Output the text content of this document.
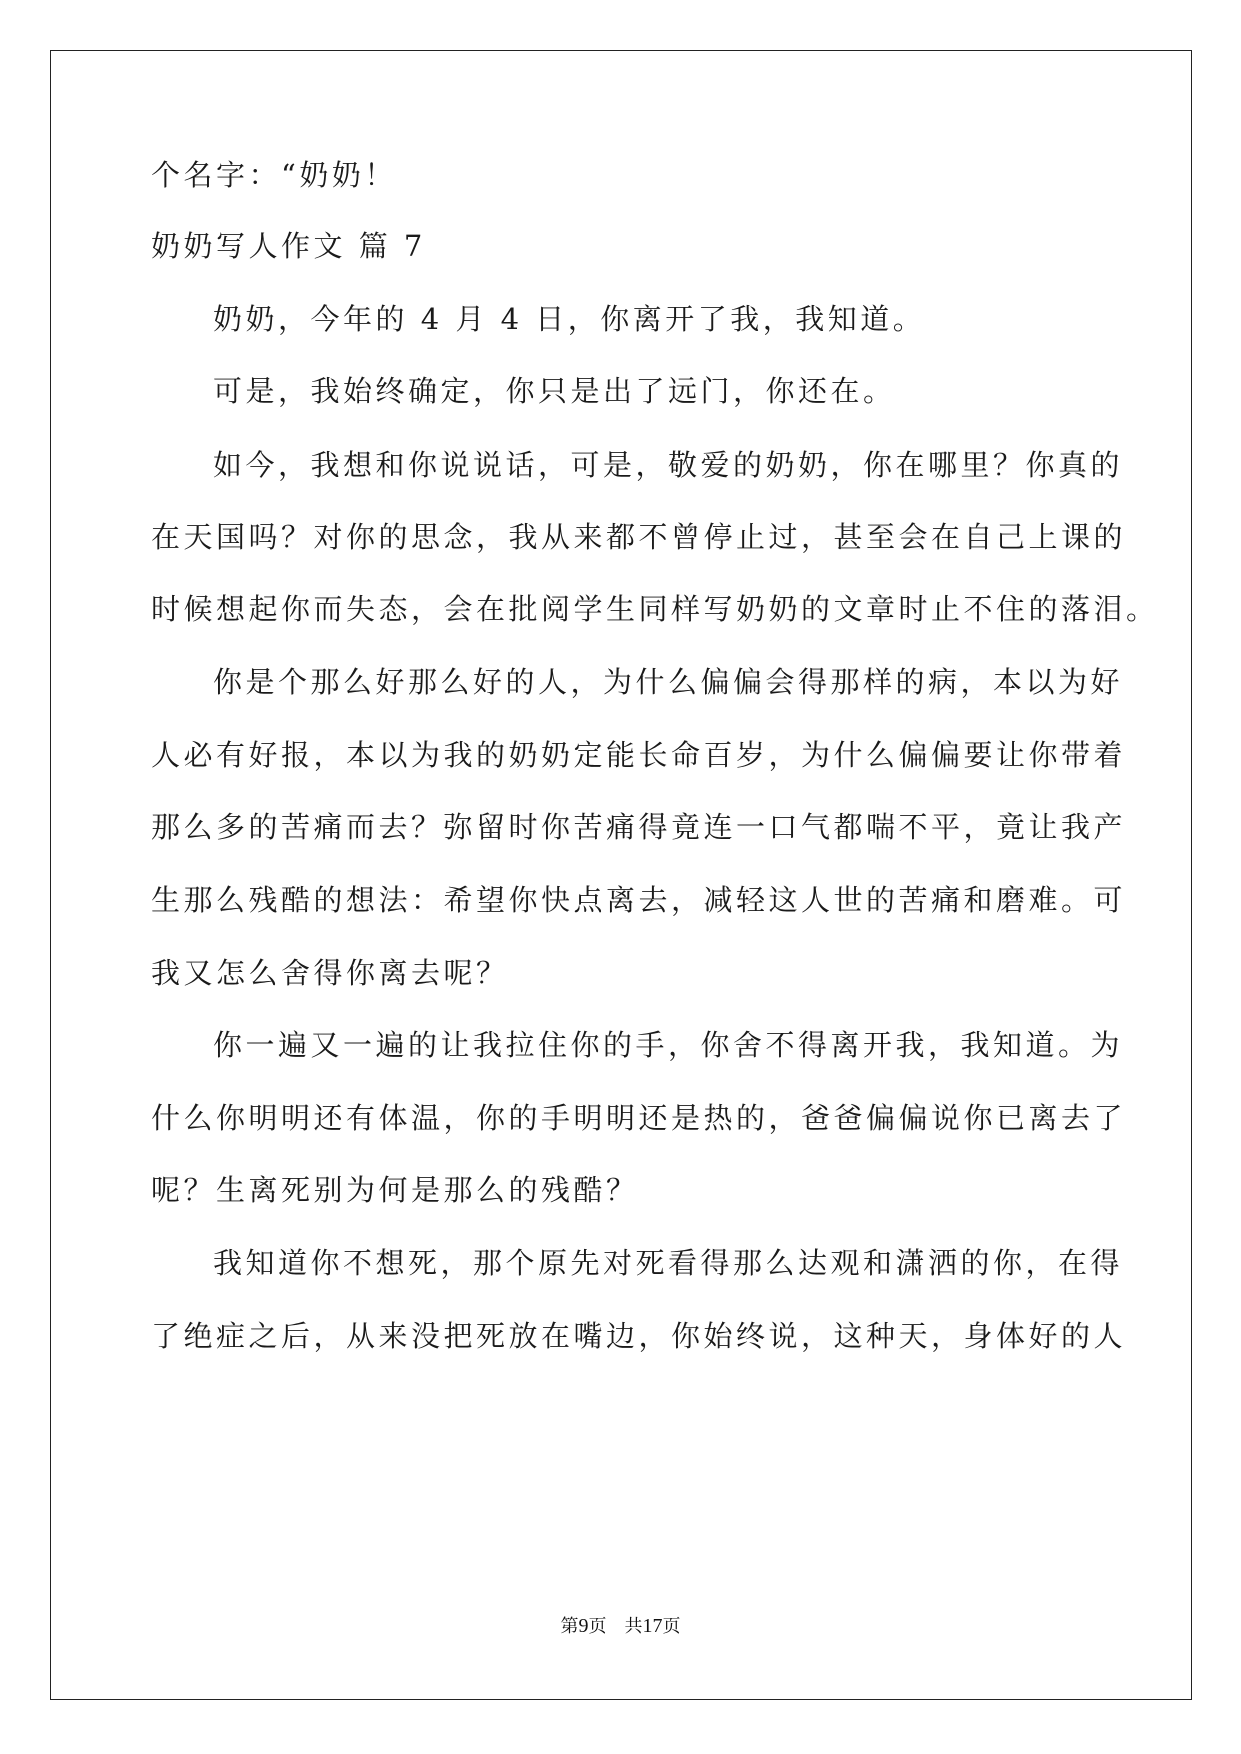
个名字：“奶奶！
奶奶写人作文 篇 7
奶奶，今年的 4 月 4 日，你离开了我，我知道。
可是，我始终确定，你只是出了远门，你还在。
如今，我想和你说说话，可是，敬爱的奶奶，你在哪里？你真的
在天国吗？对你的思念，我从来都不曾停止过，甚至会在自己上课的
时候想起你而失态，会在批阅学生同样写奶奶的文章时止不住的落泪。
你是个那么好那么好的人，为什么偏偏会得那样的病，本以为好
人必有好报，本以为我的奶奶定能长命百岁，为什么偏偏要让你带着
那么多的苦痛而去？弥留时你苦痛得竟连一口气都喘不平，竟让我产
生那么残酷的想法：希望你快点离去，减轻这人世的苦痛和磨难。可
我又怎么舍得你离去呢？
你一遍又一遍的让我拉住你的手，你舍不得离开我，我知道。为
什么你明明还有体温，你的手明明还是热的，爸爸偏偏说你已离去了
呢？生离死别为何是那么的残酷？
我知道你不想死，那个原先对死看得那么达观和潇洒的你，在得
了绝症之后，从来没把死放在嘴边，你始终说，这种天，身体好的人
第9页 共17页
